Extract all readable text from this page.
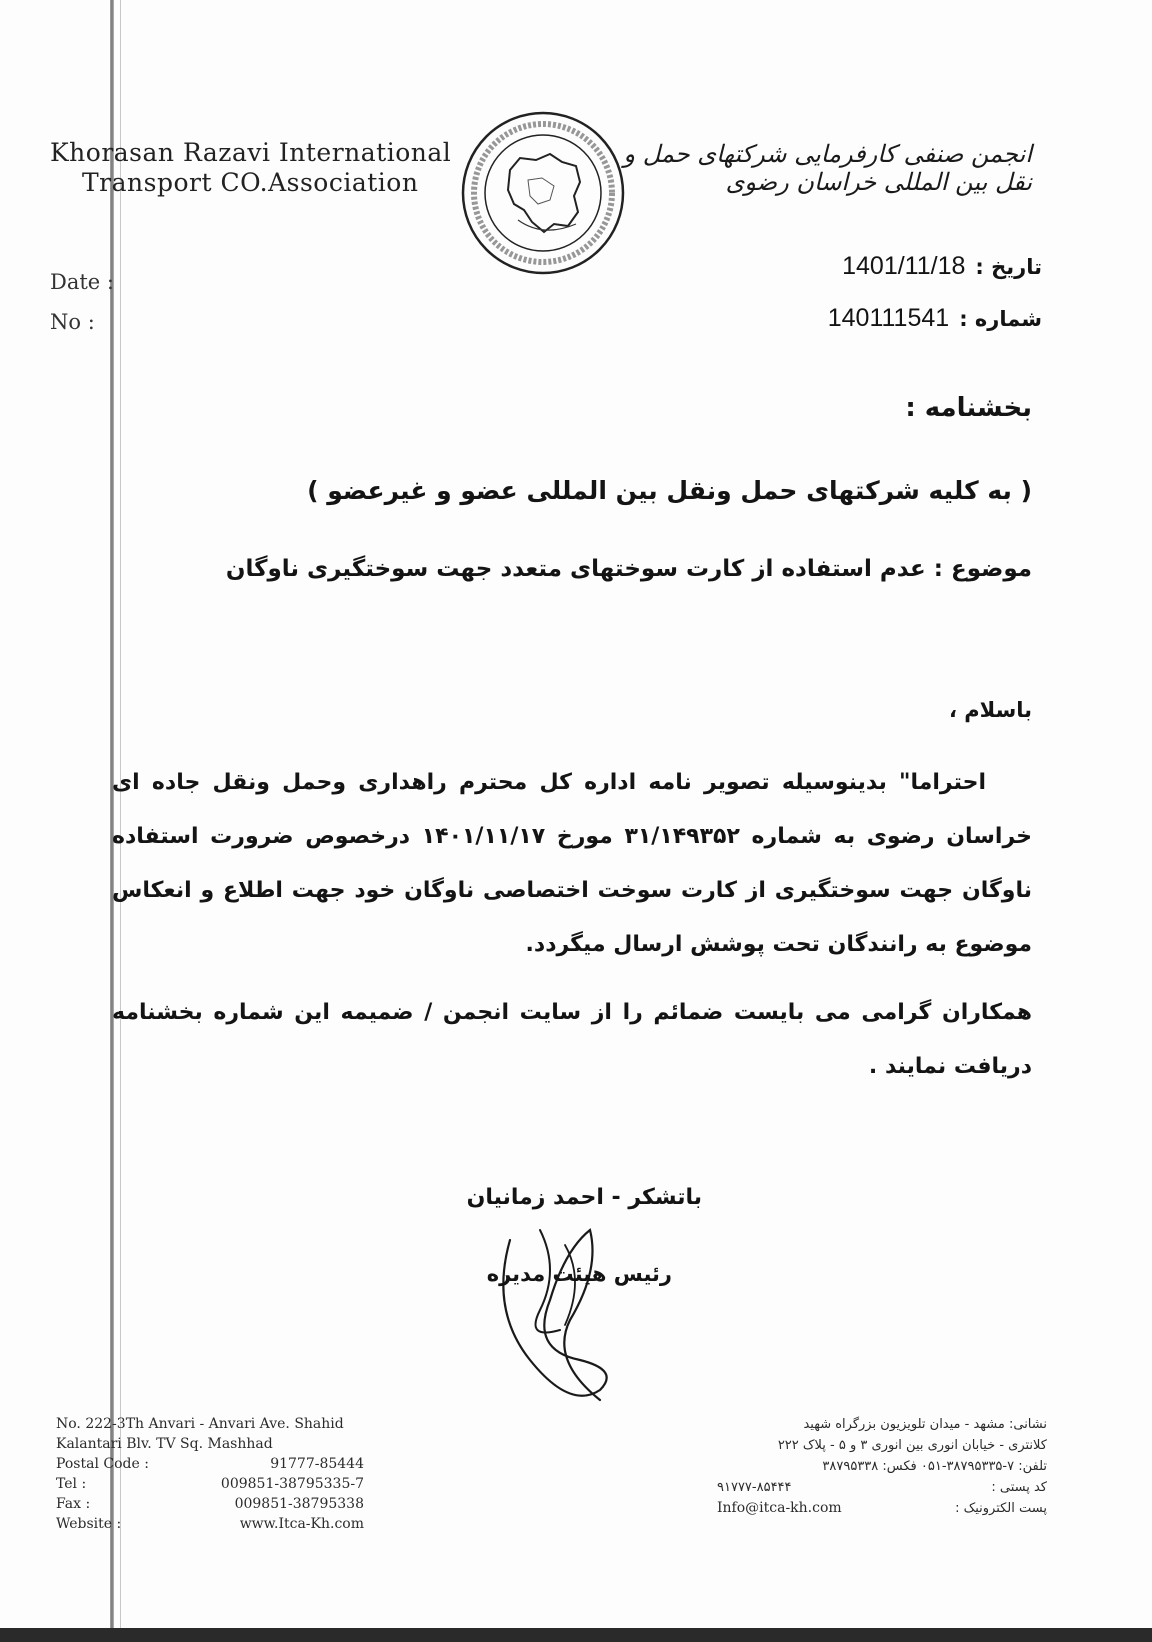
Khorasan Razavi International
Transport CO.Association
انجمن صنفی کارفرمایی شرکتهای حمل و نقل بین المللی خراسان رضوی
Date :
No :
تاریخ :
1401/11/18
شماره :
140111541
بخشنامه :
( به کلیه شرکتهای حمل ونقل بین المللی عضو و غیرعضو )
موضوع : عدم استفاده از کارت سوختهای متعدد جهت سوختگیری ناوگان
باسلام ،

احتراما" بدینوسیله تصویر نامه اداره کل محترم راهداری وحمل ونقل جاده ای خراسان رضوی به شماره ۳۱/۱۴۹۳۵۲ مورخ ۱۴۰۱/۱۱/۱۷ درخصوص ضرورت استفاده ناوگان جهت سوختگیری از کارت سوخت اختصاصی ناوگان خود جهت اطلاع و انعکاس موضوع به رانندگان تحت پوشش ارسال میگردد.

همکاران گرامی می بایست ضمائم را از سایت انجمن / ضمیمه این شماره بخشنامه دریافت نمایند .

باتشکر - احمد زمانیان
رئیس هیئت مدیره
No. 222-3Th Anvari - Anvari Ave. Shahid
Kalantari Blv. TV Sq. Mashhad
Postal Code :	91777-85444
Tel :	009851-38795335-7
Fax :	009851-38795338
Website :	www.Itca-Kh.com
نشانی: مشهد - میدان تلویزیون بزرگراه شهید
کلانتری - خیابان انوری بین انوری ۳ و ۵ - پلاک ۲۲۲
تلفن: ۷-۳۸۷۹۵۳۳۵-۰۵۱ فکس: ۳۸۷۹۵۳۳۸
کد پستی :
۹۱۷۷۷-۸۵۴۴۴
پست الکترونیک :
Info@itca-kh.com
